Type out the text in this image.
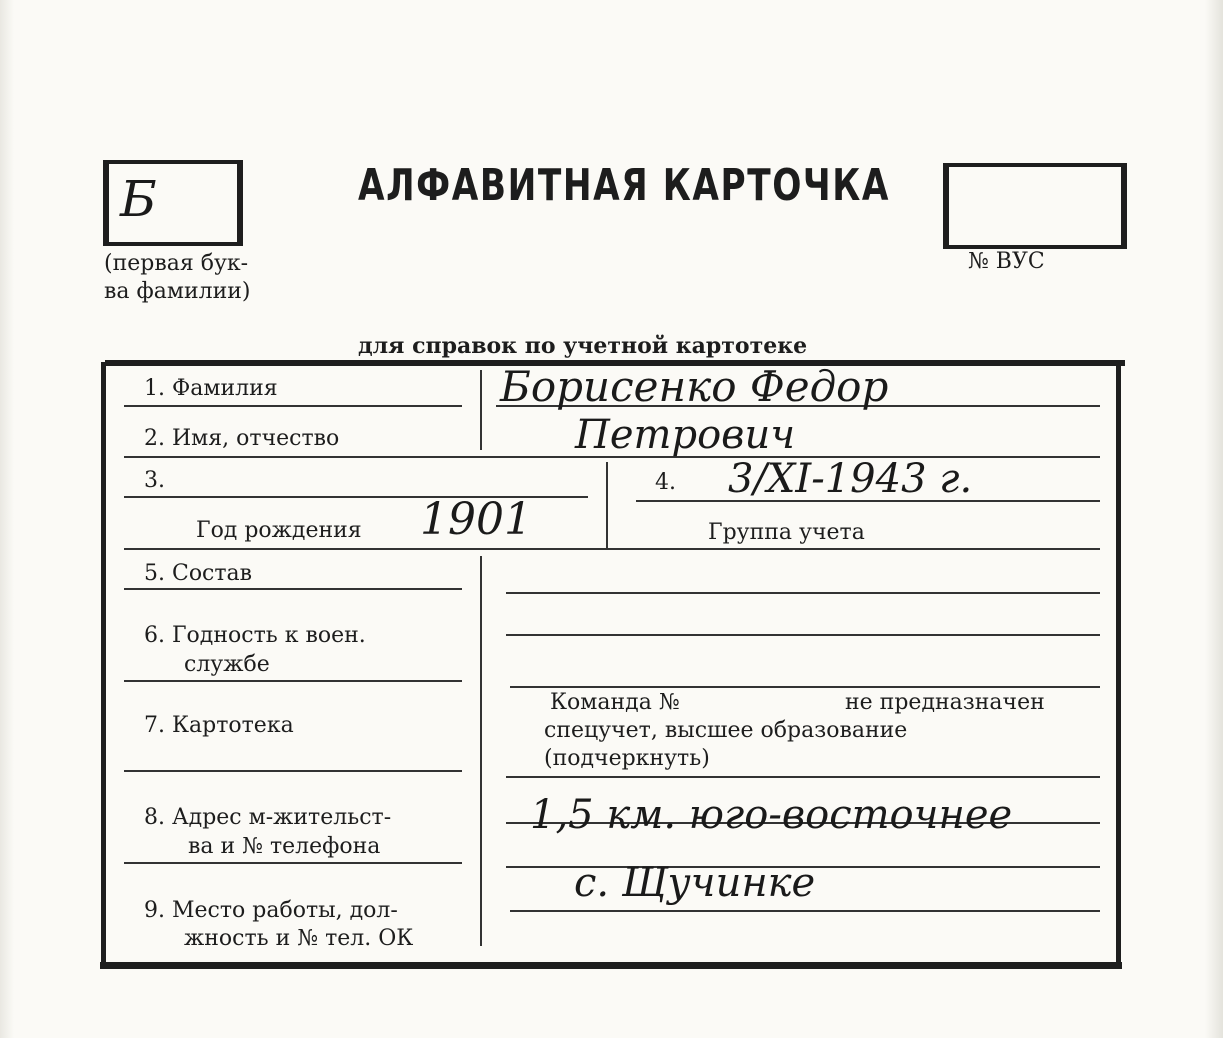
Б
(первая бук-
ва фамилии)
АЛФАВИТНАЯ КАРТОЧКА
№ ВУС
для справок по учетной картотеке
1. Фамилия
2. Имя, отчество
3.
Год рождения
4.
Группа учета
5. Состав
6. Годность к воен.
службе
7. Картотека
Команда №	не предназначен
спецучет, высшее образование
(подчеркнуть)
8. Адрес м-жительст-
ва и № телефона
9. Место работы, дол-
жность и № тел. ОК
Борисенко Федор
Петрович
1901
3/XI-1943 г.
1,5 км. юго-восточнее
с. Щучинке
